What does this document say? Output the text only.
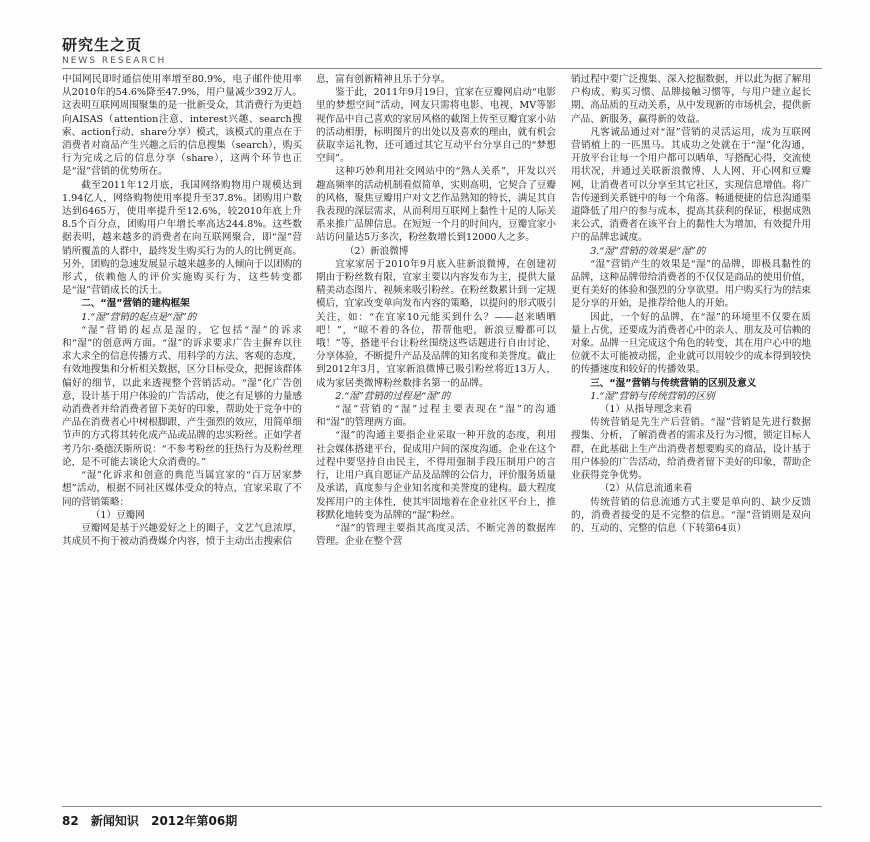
研究生之页
NEWS RESEARCH

中国网民即时通信使用率增至80.9%，电子邮件使用率从2010年的54.6%降至47.9%，用户量减少392万人。这表明互联网周围聚集的是一批新受众，其消费行为更趋向AISAS（attention注意、interest兴趣、search搜索、action行动、share分享）模式，该模式的重点在于消费者对商品产生兴趣之后的信息搜集（search），购买行为完成之后的信息分享（share），这两个环节也正是“湿”营销的优势所在。

截至2011年12月底，我国网络购物用户规模达到1.94亿人，网络购物使用率提升至37.8%。团购用户数达到6465万，使用率提升至12.6%，较2010年底上升8.5个百分点，团购用户年增长率高达244.8%。这些数据表明，越来越多的消费者在向互联网聚合，即“湿”营销所覆盖的人群中，最终发生购买行为的人的比例更高。另外，团购的急速发展显示越来越多的人倾向于以团购的形式，依赖他人的评价实施购买行为，这些转变都是“湿”营销成长的沃土。

二、“湿”营销的建构框架

1.“湿”营销的起点是“湿”的

“湿”营销的起点是湿的，它包括“湿”的诉求和“湿”的创意两方面。“湿”的诉求要求广告主摒弃以往求大求全的信息传播方式、用科学的方法、客观的态度，有效地搜集和分析相关数据，区分目标受众，把握该群体偏好的细节，以此来透视整个营销活动。“湿”化广告创意，设计基于用户体验的广告活动，使之有足够的力量感动消费者并给消费者留下美好的印象，帮助处于竞争中的产品在消费者心中树根脚跟，产生强烈的效应，用简单细节声的方式将其转化成产品或品牌的忠实粉丝。正如学者考乃尔·桑德沃斯所说：“不参考粉丝的狂热行为及粉丝理论，是不可能去谈论大众消费的。”

“湿”化诉求和创意的典范当属宜家的“百万居家梦想”活动，根据不同社区媒体受众的特点，宜家采取了不同的营销策略：

（1）豆瓣网

豆瓣网是基于兴趣爱好之上的圈子，文艺气息浓厚，其成员不拘于被动消费媒介内容，愤于主动出击搜索信

息，富有创新精神且乐于分享。

鉴于此，2011年9月19日，宜家在豆瓣网启动“电影里的梦想空间”活动，网友只需将电影、电视、MV等影视作品中自己喜欢的家居风格的截图上传至豆瓣宜家小站的活动相册，标明图片的出处以及喜欢的理由，就有机会获取幸运礼物，还可通过其它互动平台分享自己的“梦想空间”。

这种巧妙利用社交网站中的“熟人关系”，开发以兴趣高频率的活动机制看似简单，实则高明，它契合了豆瓣的风格，聚焦豆瓣用户对文艺作品熟知的特长，满足其自我表现的深层需求，从而利用互联网上黏性十足的人际关系来推广品牌信息。在短短一个月的时间内，豆瓣宜家小站访问量达5万多次，粉丝数增长到12000人之多。

（2）新浪微博

宜家家居于2010年9月底入驻新浪微博，在创建初期由于粉丝数有限，宜家主要以内容发布为主，提供大量精美动态图片、视频来吸引粉丝。在粉丝数累计到一定规模后，宜家改变单向发布内容的策略，以提问的形式吸引关注，如：“在宜家10元能买到什么？——赵来晒晒吧！”，“晾不着的各位，帮帮他吧，新浪豆瓣都可以哦！”等，搭建平台让粉丝围绕这些话题进行自由讨论、分享体验，不断提升产品及品牌的知名度和美誉度。截止到2012年3月，宜家新浪微博已吸引粉丝将近13万人，成为家居类微博粉丝数排名第一的品牌。

2.“湿”营销的过程是“湿”的

“湿”营销的“湿”过程主要表现在“湿”的沟通和“湿”的管理两方面。

“湿”的沟通主要指企业采取一种开放的态度，利用社会媒体搭建平台，促成用户间的深度沟通。企业在这个过程中要坚持自由民主，不得用强制手段压制用户的言行，让用户真自愿证产品及品牌的公信力，评价服务质量及承诺，真度参与企业知名度和美誉度的建构。最大程度发挥用户的主体性，使其牢固地着在企业社区平台上，推移默化地转变为品牌的“湿”粉丝。

“湿”的管理主要指其高度灵活、不断完善的数据库管理。企业在整个营

销过程中要广泛搜集、深入挖掘数据，并以此为据了解用户构成、购买习惯、品牌接触习惯等，与用户建立起长期、高品质的互动关系，从中发现新的市场机会，提供新产品、新服务，赢得新的效益。

凡客诚品通过对“湿”营销的灵活运用，成为互联网营销植上的一匹黑马。其成功之处就在于“湿”化沟通，开放平台让每一个用户都可以晒单，写搭配心得，交流使用状况，并通过关联新浪微博、人人网、开心网和豆瓣网，让消费者可以分享至其它社区，实现信息增值。将广告传递到关系链中的每一个角落。畅通便捷的信息沟通渠道降低了用户的参与成本，提高其获利的保证，根据成熟来公式，消费者在该平台上的黏性大为增加，有效提升用户的品牌忠诚度。

3.“湿”营销的效果是“湿”的

“湿”营销产生的效果是“湿”的品牌，即极具黏性的品牌，这种品牌带给消费者的不仅仅是商品的使用价值，更有美好的体验和强烈的分享欲望。用户购买行为的结束是分享的开始，是推荐给他人的开始。

因此，一个好的品牌，在“湿”的环境里不仅要在质量上占优，还要成为消费者心中的亲人、朋友及可信赖的对象。品牌一旦完成这个角色的转变，其在用户心中的地位就不太可能被动摇，企业就可以用较少的成本得到较快的传播速度和较好的传播效果。

三、“湿”营销与传统营销的区别及意义

1.“湿”营销与传统营销的区别

（1）从指导理念来看

传统营销是先生产后营销。“湿”营销是先进行数据搜集、分析，了解消费者的需求及行为习惯，锁定目标人群，在此基础上生产出消费者想要购买的商品，设计基于用户体验的广告活动，给消费者留下美好的印象，帮助企业获得竞争优势。

（2）从信息流通来看

传统营销的信息流通方式主要是单向的、缺少反馈的，消费者接受的是不完整的信息。“湿”营销则是双向的、互动的、完整的信息（下转第64页）

82 新闻知识 2012年第06期
